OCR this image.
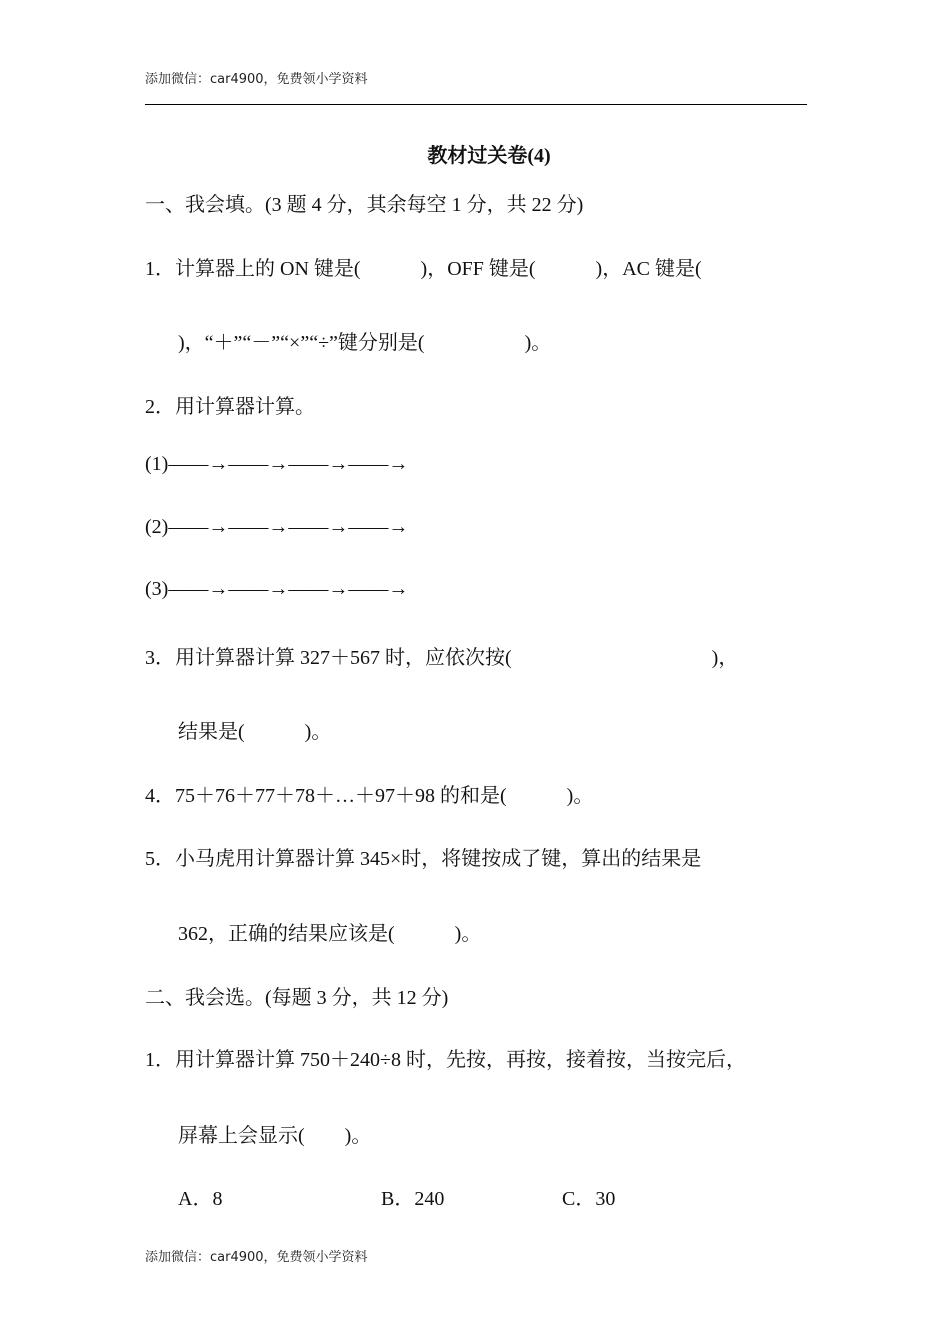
添加微信：car4900，免费领小学资料
教材过关卷(4)
一、我会填。(3 题 4 分，其余每空 1 分，共 22 分)
1．计算器上的 ON 键是(            )，OFF 键是(            )，AC 键是(
)，“＋”“－”“×”“÷”键分别是(                    )。
2．用计算器计算。
(1)——→——→——→——→
(2)——→——→——→——→
(3)——→——→——→——→
3．用计算器计算 327＋567 时，应依次按(                                        )，
结果是(            )。
4．75＋76＋77＋78＋…＋97＋98 的和是(            )。
5．小马虎用计算器计算 345×时，将键按成了键，算出的结果是
362，正确的结果应该是(            )。
二、我会选。(每题 3 分，共 12 分)
1．用计算器计算 750＋240÷8 时，先按，再按，接着按，当按完后，
屏幕上会显示(        )。
A．8	B．240	C．30
添加微信：car4900，免费领小学资料
